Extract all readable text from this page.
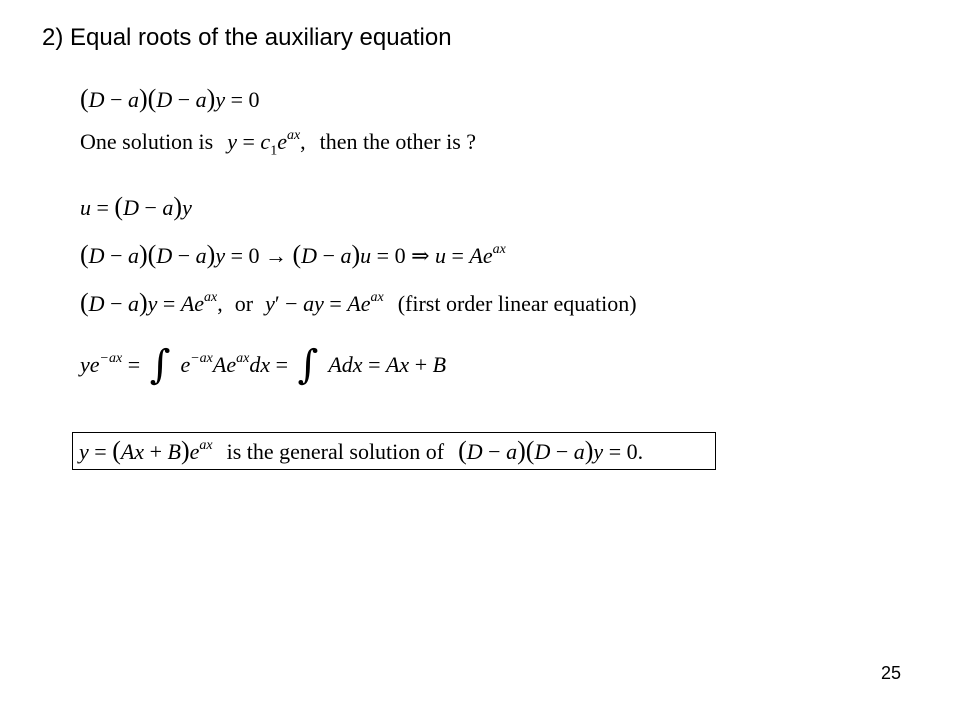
2) Equal roots of the auxiliary equation
(D − a)(D − a)y = 0
One solution is $y = c_1e^{ax}$, then the other is ?
u = (D − a)y
(D − a)(D − a)y = 0 → (D − a)u = 0 ⇒ $u = Ae^{ax}$
$(D - a)y = Ae^{ax}$, or y′ − ay = $Ae^{ax}$ (first order linear equation)
$ye^{-ax}$ = ∫ $e^{-ax}Ae^{ax}dx$ = ∫ Adx = Ax + B
$y = (Ax + B)e^{ax}$ is the general solution of (D − a)(D − a)y = 0.
25
